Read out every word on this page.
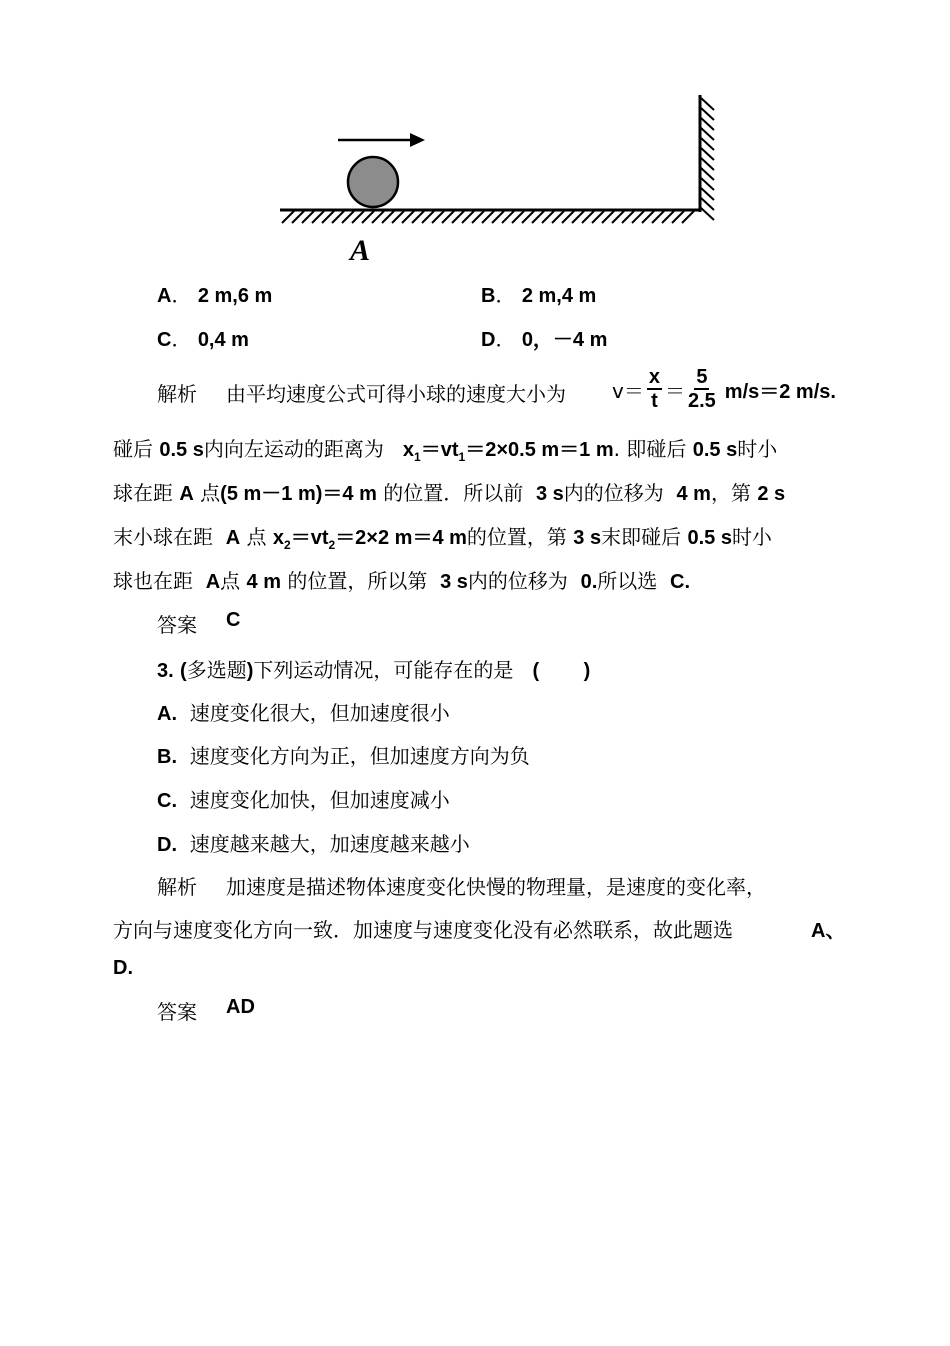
A
A． 2 m,6 m	B． 2 m,4 m
C． 0,4 m	D． 0，－4 m
解析 由平均速度公式可得小球的速度大小为 $v= \frac{x}{t} = \frac{5}{2.5} m/s=2$ m/s.
碰后 0.5 s内向左运动的距离为 $x_1=vt_1=2\times 0.5$ m＝1 m. 即碰后 0.5 s时小
球在距 A 点(5 m－1 m)＝4 m 的位置．所以前 3 s内的位移为 4 m，第 2 s
末小球在距 A 点 $x_2=vt_2=2\times 2$ m＝4 m的位置，第 3 s末即碰后 0.5 s时小
球也在距 A点 4 m 的位置，所以第 3 s内的位移为 0.所以选 C.
答案 C
3. (多选题)下列运动情况，可能存在的是 (        )
A. 速度变化很大，但加速度很小
B. 速度变化方向为正，但加速度方向为负
C. 速度变化加快，但加速度减小
D. 速度越来越大，加速度越来越小
解析 加速度是描述物体速度变化快慢的物理量，是速度的变化率，
方向与速度变化方向一致．加速度与速度变化没有必然联系，故此题选	A、
D.
答案 AD
